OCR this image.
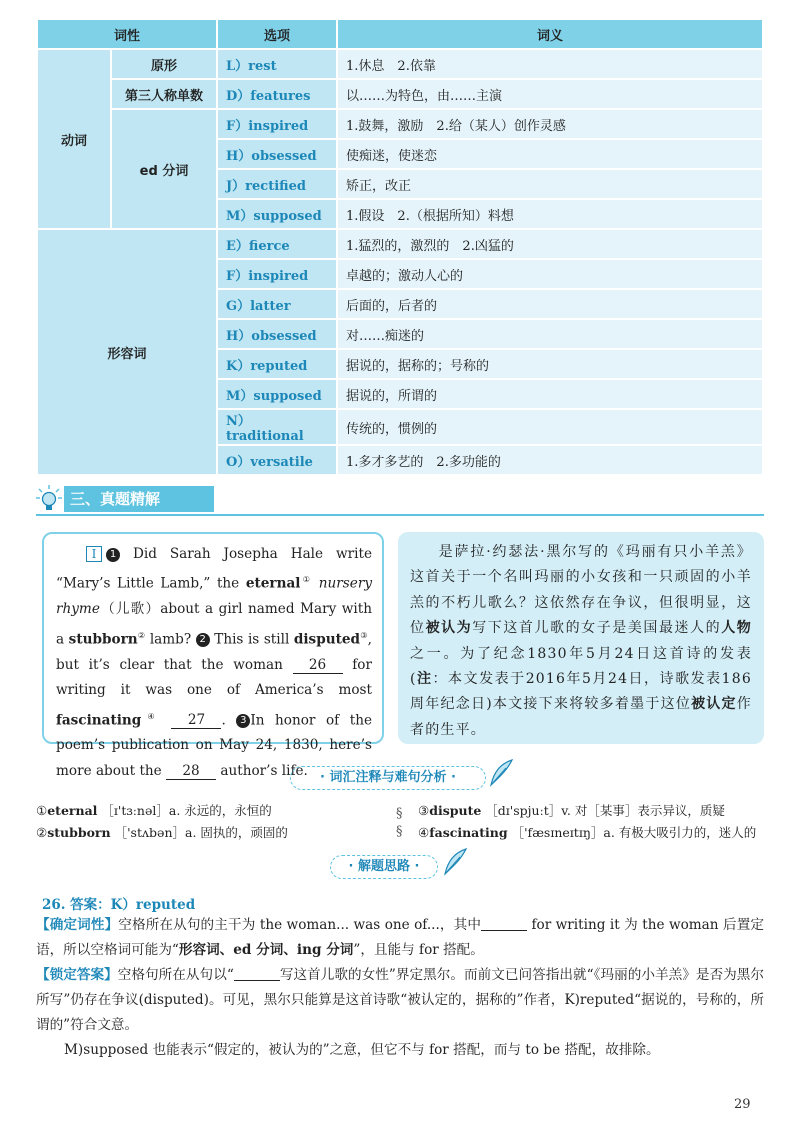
词性		选项	词义
动词	原形	L）rest	1.休息　2.依靠
	第三人称单数	D）features	以……为特色，由……主演
	ed 分词	F）inspired	1.鼓舞，激励　2.给（某人）创作灵感
		H）obsessed	使痴迷，使迷恋
		J）rectified	矫正，改正
		M）supposed	1.假设　2.（根据所知）料想
形容词		E）fierce	1.猛烈的，激烈的　2.凶猛的
		F）inspired	卓越的；激动人心的
		G）latter	后面的，后者的
		H）obsessed	对……痴迷的
		K）reputed	据说的，据称的；号称的
		M）supposed	据说的，所谓的
		N）traditional	传统的，惯例的
		O）versatile	1.多才多艺的　2.多功能的
三、真题精解
Ⅰ 1 Did Sarah Josepha Hale write “Mary’s Little Lamb,” the eternal① nursery rhyme（儿歌）about a girl named Mary with a stubborn② lamb? 2 This is still disputed③, but it’s clear that the woman 26 for writing it was one of America’s most fascinating④ 27 . 3 In honor of the poem’s publication on May 24, 1830, here’s more about the 28 author’s life.
是萨拉·约瑟法·黑尔写的《玛丽有只小羊羔》这首关于一个名叫玛丽的小女孩和一只顽固的小羊羔的不朽儿歌么？这依然存在争议，但很明显，这位被认为写下这首儿歌的女子是美国最迷人的人物之一。为了纪念1830年5月24日这首诗的发表(注：本文发表于2016年5月24日，诗歌发表186周年纪念日)本文接下来将较多着墨于这位被认定作者的生平。
· 词汇注释与难句分析 ·
①eternal ［ɪ'tɜːnəl］a. 永远的，永恒的
②stubborn ［'stʌbən］a. 固执的，顽固的
§
§
③dispute ［dɪ'spjuːt］v. 对［某事］表示异议，质疑
④fascinating ［'fæsɪneɪtɪŋ］a. 有极大吸引力的，迷人的
· 解题思路 ·
26. 答案：K）reputed
【确定词性】空格所在从句的主干为 the woman... was one of...，其中	for writing it 为 the woman 后置定语，所以空格词可能为“形容词、ed 分词、ing 分词”，且能与 for 搭配。
【锁定答案】空格句所在从句以“	写这首儿歌的女性”界定黑尔。而前文已问答指出就“《玛丽的小羊羔》是否为黑尔所写”仍存在争议(disputed)。可见，黑尔只能算是这首诗歌“被认定的，据称的”作者，K)reputed“据说的，号称的，所谓的”符合文意。
M)supposed 也能表示“假定的，被认为的”之意，但它不与 for 搭配，而与 to be 搭配，故排除。
29
